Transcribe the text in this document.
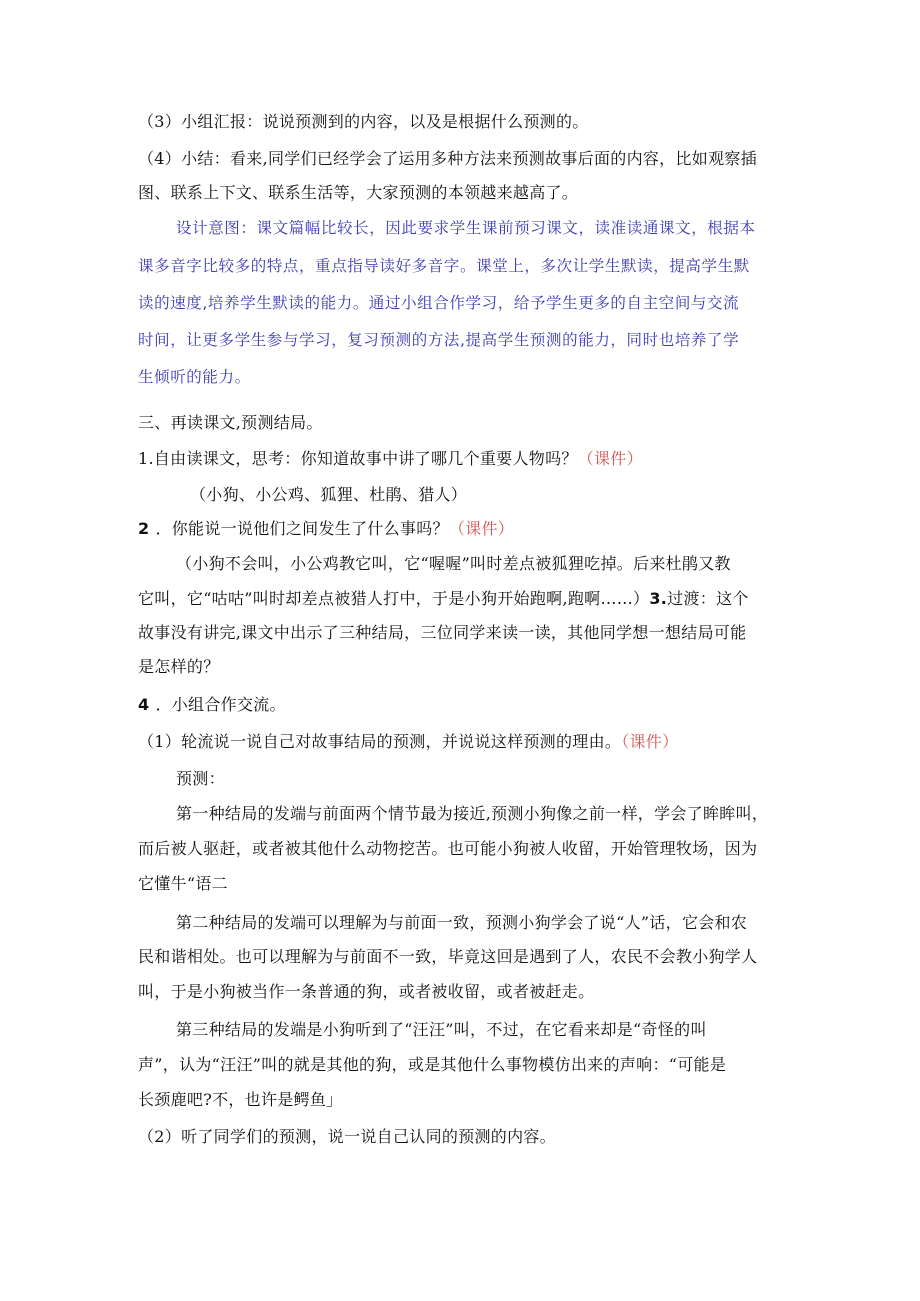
（3）小组汇报：说说预测到的内容，以及是根据什么预测的。
（4）小结：看来,同学们已经学会了运用多种方法来预测故事后面的内容，比如观察插
图、联系上下文、联系生活等，大家预测的本领越来越高了。
设计意图：课文篇幅比较长，因此要求学生课前预习课文，读准读通课文，根据本
课多音字比较多的特点，重点指导读好多音字。课堂上，多次让学生默读，提高学生默
读的速度,培养学生默读的能力。通过小组合作学习，给予学生更多的自主空间与交流
时间，让更多学生参与学习，复习预测的方法,提高学生预测的能力，同时也培养了学
生倾听的能力。
三、再读课文,预测结局。
1.自由读课文，思考：你知道故事中讲了哪几个重要人物吗？（课件）
（小狗、小公鸡、狐狸、杜鹃、猎人）
2 ．你能说一说他们之间发生了什么事吗？（课件）
（小狗不会叫，小公鸡教它叫，它“喔喔”叫时差点被狐狸吃掉。后来杜鹃又教
它叫，它“咕咕”叫时却差点被猎人打中，于是小狗开始跑啊,跑啊……）3.过渡：这个
故事没有讲完,课文中出示了三种结局，三位同学来读一读，其他同学想一想结局可能
是怎样的？
4 ．小组合作交流。
（1）轮流说一说自己对故事结局的预测，并说说这样预测的理由。（课件）
预测：
第一种结局的发端与前面两个情节最为接近,预测小狗像之前一样，学会了眸眸叫，
而后被人驱赶，或者被其他什么动物挖苦。也可能小狗被人收留，开始管理牧场，因为
它懂牛“语二
第二种结局的发端可以理解为与前面一致，预测小狗学会了说“人”话，它会和农
民和谐相处。也可以理解为与前面不一致，毕竟这回是遇到了人，农民不会教小狗学人
叫，于是小狗被当作一条普通的狗，或者被收留，或者被赶走。
第三种结局的发端是小狗听到了“汪汪”叫，不过，在它看来却是“奇怪的叫
声”，认为“汪汪”叫的就是其他的狗，或是其他什么事物模仿出来的声响：“可能是
长颈鹿吧?不，也许是鳄鱼」
（2）听了同学们的预测，说一说自己认同的预测的内容。
